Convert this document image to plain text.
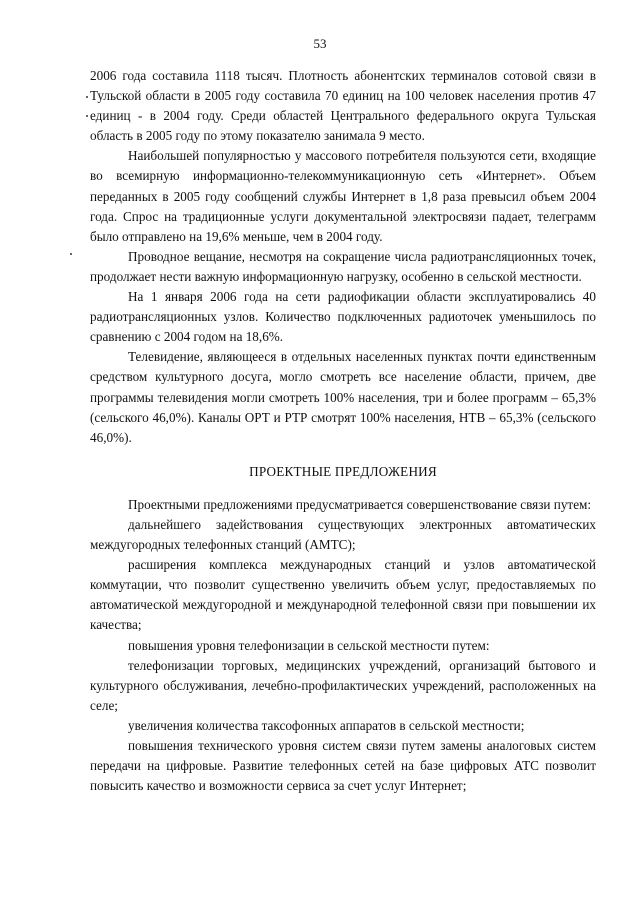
53

2006 года составила 1118 тысяч. Плотность абонентских терминалов сотовой связи в Тульской области в 2005 году составила 70 единиц на 100 человек населения против 47 единиц - в 2004 году. Среди областей Центрального федерального округа Тульская область в 2005 году по этому показателю занимала 9 место.

Наибольшей популярностью у массового потребителя пользуются сети, входящие во всемирную информационно-телекоммуникационную сеть «Интернет». Объем переданных в 2005 году сообщений службы Интернет в 1,8 раза превысил объем 2004 года. Спрос на традиционные услуги документальной электросвязи падает, телеграмм было отправлено на 19,6% меньше, чем в 2004 году.

Проводное вещание, несмотря на сокращение числа радиотрансляционных точек, продолжает нести важную информационную нагрузку, особенно в сельской местности.

На 1 января 2006 года на сети радиофикации области эксплуатировались 40 радиотрансляционных узлов. Количество подключенных радиоточек уменьшилось по сравнению с 2004 годом на 18,6%.

Телевидение, являющееся в отдельных населенных пунктах почти единственным средством культурного досуга, могло смотреть все население области, причем, две программы телевидения могли смотреть 100% населения, три и более программ – 65,3% (сельского 46,0%). Каналы ОРТ и РТР смотрят 100% населения, НТВ – 65,3% (сельского 46,0%).

ПРОЕКТНЫЕ ПРЕДЛОЖЕНИЯ

Проектными предложениями предусматривается совершенствование связи путем:

дальнейшего задействования существующих электронных автоматических междугородных телефонных станций (АМТС);

расширения комплекса международных станций и узлов автоматической коммутации, что позволит существенно увеличить объем услуг, предоставляемых по автоматической междугородной и международной телефонной связи при повышении их качества;

повышения уровня телефонизации в сельской местности путем:

телефонизации торговых, медицинских учреждений, организаций бытового и культурного обслуживания, лечебно-профилактических учреждений, расположенных на селе;

увеличения количества таксофонных аппаратов в сельской местности;

повышения технического уровня систем связи путем замены аналоговых систем передачи на цифровые. Развитие телефонных сетей на базе цифровых АТС позволит повысить качество и возможности сервиса за счет услуг Интернет;
